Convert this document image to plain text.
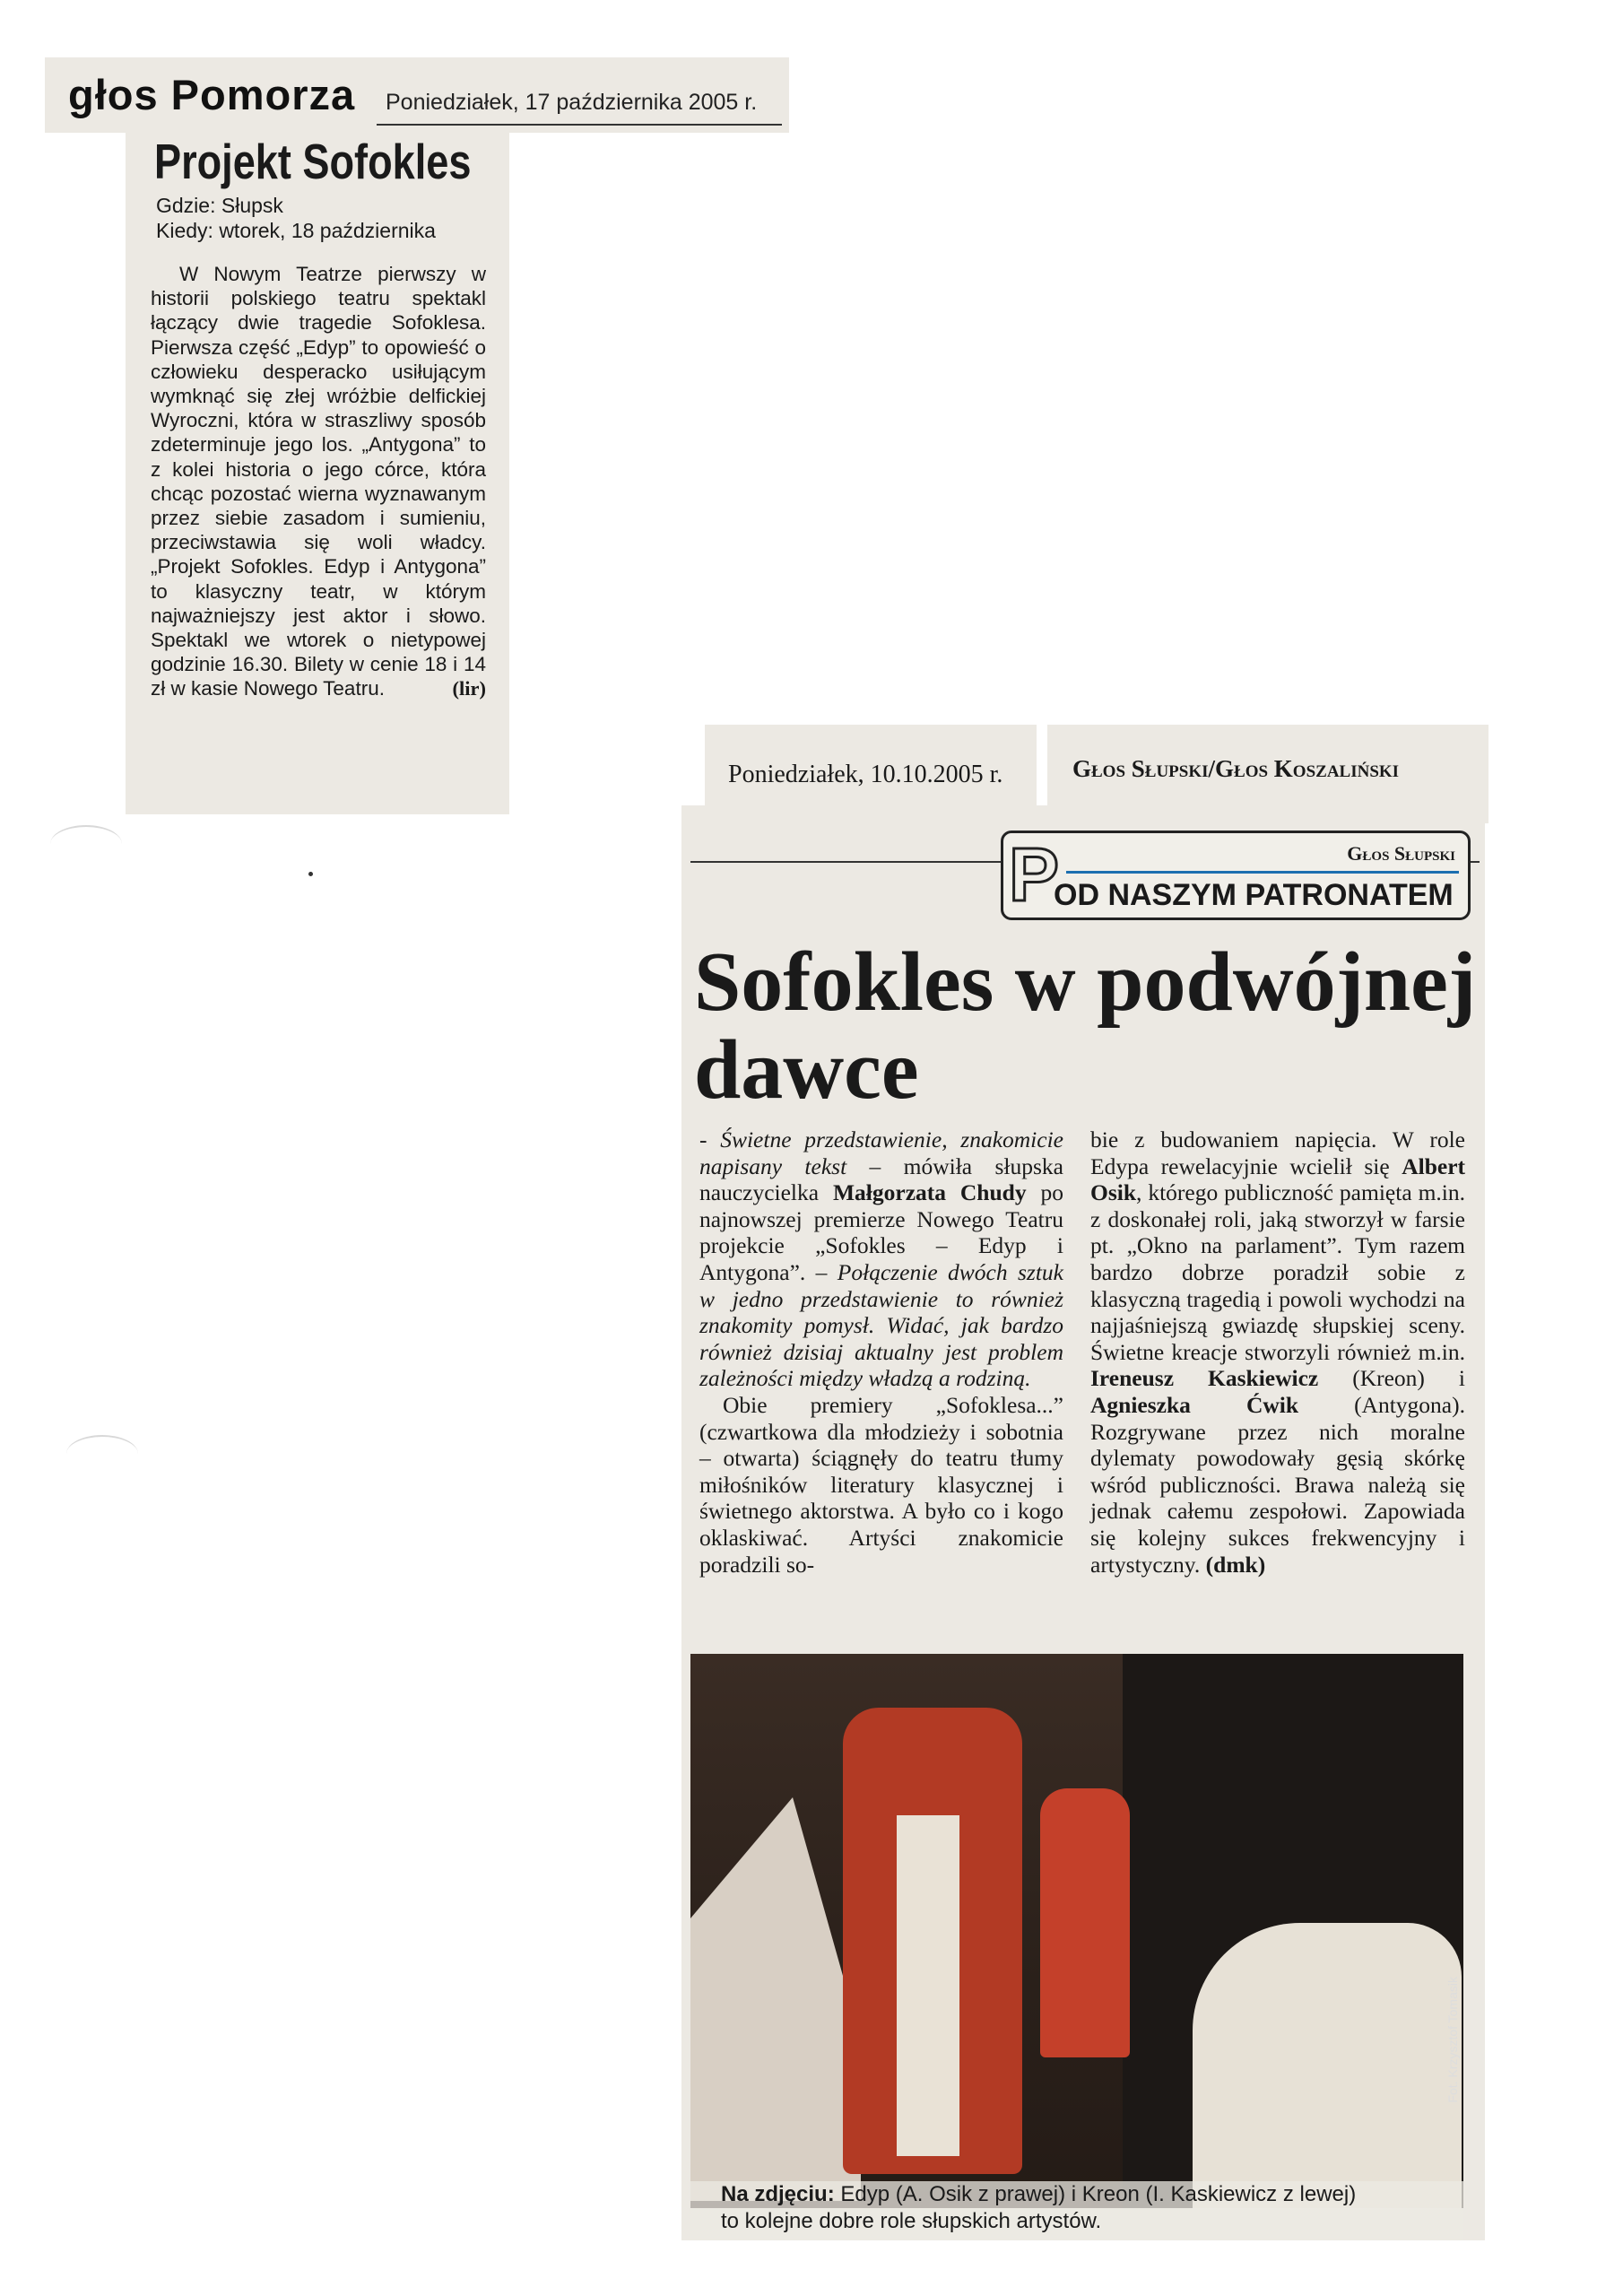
głos Pomorza Poniedziałek, 17 października 2005 r.
Projekt Sofokles
Gdzie: Słupsk
Kiedy: wtorek, 18 października

W Nowym Teatrze pierwszy w historii polskiego teatru spektakl łączący dwie tragedie Sofoklesa. Pierwsza część „Edyp” to opowieść o człowieku desperacko usiłującym wymknąć się złej wróżbie delfickiej Wyroczni, która w straszliwy sposób zdeterminuje jego los. „Antygona” to z kolei historia o jego córce, która chcąc pozostać wierna wyznawanym przez siebie zasadom i sumieniu, przeciwstawia się woli władcy. „Projekt Sofokles. Edyp i Antygona” to klasyczny teatr, w którym najważniejszy jest aktor i słowo. Spektakl we wtorek o nietypowej godzinie 16.30. Bilety w cenie 18 i 14 zł w kasie Nowego Teatru.	(lir)

Poniedziałek, 10.10.2005 r.	Głos Słupski/Głos Koszaliński
P	Głos Słupski
OD NASZYM PATRONATEM
Sofokles w podwójnej dawce

- Świetne przedstawienie, znakomicie napisany tekst – mówiła słupska nauczycielka Małgorzata Chudy po najnowszej premierze Nowego Teatru projekcie „Sofokles – Edyp i Antygona”. – Połączenie dwóch sztuk w jedno przedstawienie to również znakomity pomysł. Widać, jak bardzo również dzisiaj aktualny jest problem zależności między władzą a rodziną.

Obie premiery „Sofoklesa...” (czwartkowa dla młodzieży i sobotnia – otwarta) ściągnęły do teatru tłumy miłośników literatury klasycznej i świetnego aktorstwa. A było co i kogo oklaskiwać. Artyści znakomicie poradzili so-

bie z budowaniem napięcia. W role Edypa rewelacyjnie wcielił się Albert Osik, którego publiczność pamięta m.in. z doskonałej roli, jaką stworzył w farsie pt. „Okno na parlament”. Tym razem bardzo dobrze poradził sobie z klasyczną tragedią i powoli wychodzi na najjaśniejszą gwiazdę słupskiej sceny. Świetne kreacje stworzyli również m.in. Ireneusz Kaskiewicz (Kreon) i Agnieszka Ćwik (Antygona). Rozgrywane przez nich moralne dylematy powodowały gęsią skórkę wśród publiczności. Brawa należą się jednak całemu zespołowi. Zapowiada się kolejny sukces frekwencyjny i artystyczny. (dmk)

Fot. Krzysztof Tomasik
Na zdjęciu: Edyp (A. Osik z prawej) i Kreon (I. Kaskiewicz z lewej)
to kolejne dobre role słupskich artystów.
